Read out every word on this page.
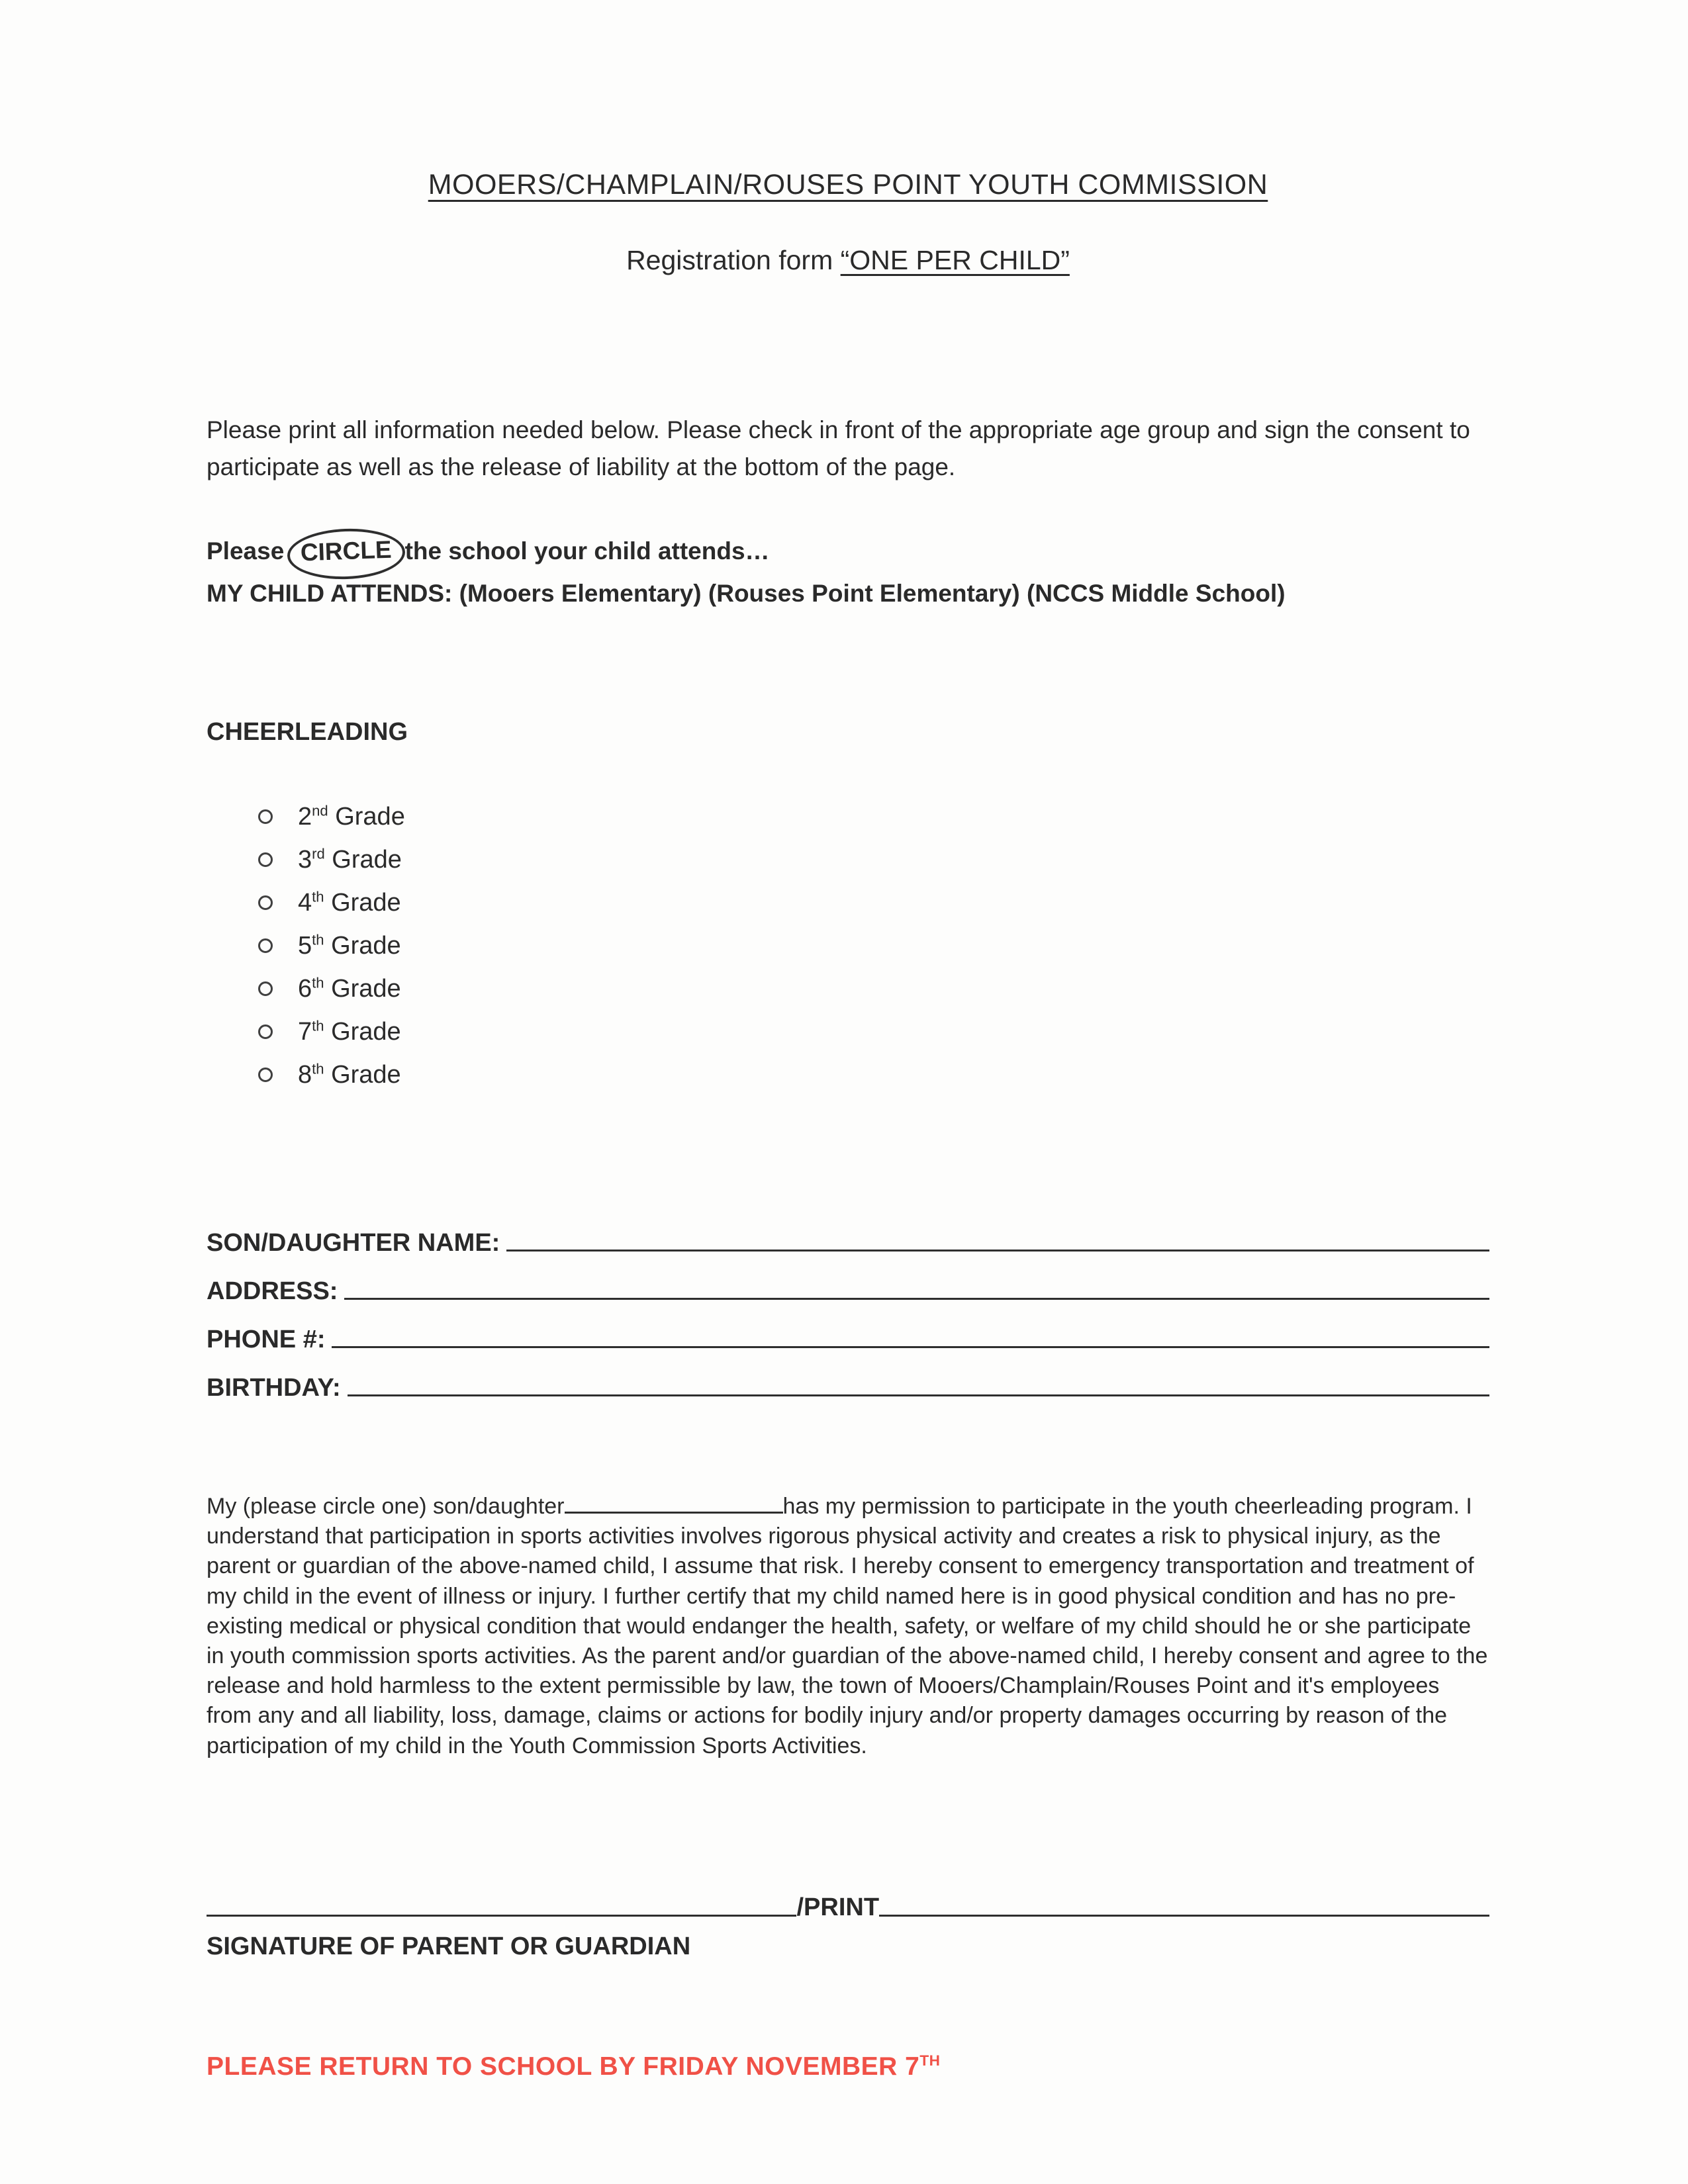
MOOERS/CHAMPLAIN/ROUSES POINT YOUTH COMMISSION
Registration form “ONE PER CHILD”

Please print all information needed below. Please check in front of the appropriate age group and sign the consent to participate as well as the release of liability at the bottom of the page.

Please CIRCLE the school your child attends…

MY CHILD ATTENDS: (Mooers Elementary) (Rouses Point Elementary) (NCCS Middle School)

CHEERLEADING
2nd Grade
3rd Grade
4th Grade
5th Grade
6th Grade
7th Grade
8th Grade
SON/DAUGHTER NAME:
ADDRESS:
PHONE #:
BIRTHDAY:

My (please circle one) son/daughter	has my permission to participate in the youth cheerleading program. I understand that participation in sports activities involves rigorous physical activity and creates a risk to physical injury, as the parent or guardian of the above-named child, I assume that risk. I hereby consent to emergency transportation and treatment of my child in the event of illness or injury. I further certify that my child named here is in good physical condition and has no pre-existing medical or physical condition that would endanger the health, safety, or welfare of my child should he or she participate in youth commission sports activities. As the parent and/or guardian of the above-named child, I hereby consent and agree to the release and hold harmless to the extent permissible by law, the town of Mooers/Champlain/Rouses Point and it's employees from any and all liability, loss, damage, claims or actions for bodily injury and/or property damages occurring by reason of the participation of my child in the Youth Commission Sports Activities.

/PRINT

SIGNATURE OF PARENT OR GUARDIAN

PLEASE RETURN TO SCHOOL BY FRIDAY NOVEMBER 7TH
